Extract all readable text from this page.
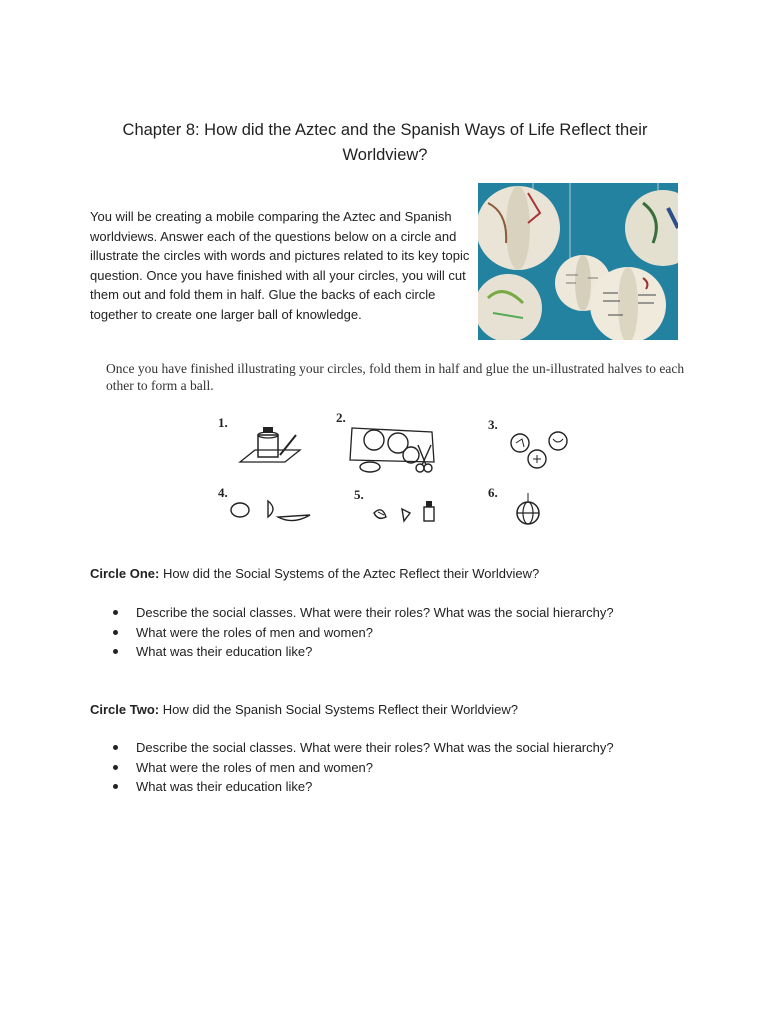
Chapter 8: How did the Aztec and the Spanish Ways of Life Reflect their Worldview?
You will be creating a mobile comparing the Aztec and Spanish worldviews. Answer each of the questions below on a circle and illustrate the circles with words and pictures related to its key topic question. Once you have finished with all your circles, you will cut them out and fold them in half. Glue the backs of each circle together to create one larger ball of knowledge.
Once you have finished illustrating your circles, fold them in half and glue the un-illustrated halves to each other to form a ball.
1.	2.	3.
4.	5.	6.
Circle One: How did the Social Systems of the Aztec Reflect their Worldview?
Describe the social classes. What were their roles? What was the social hierarchy?
What were the roles of men and women?
What was their education like?
Circle Two: How did the Spanish Social Systems Reflect their Worldview?
Describe the social classes. What were their roles? What was the social hierarchy?
What were the roles of men and women?
What was their education like?
